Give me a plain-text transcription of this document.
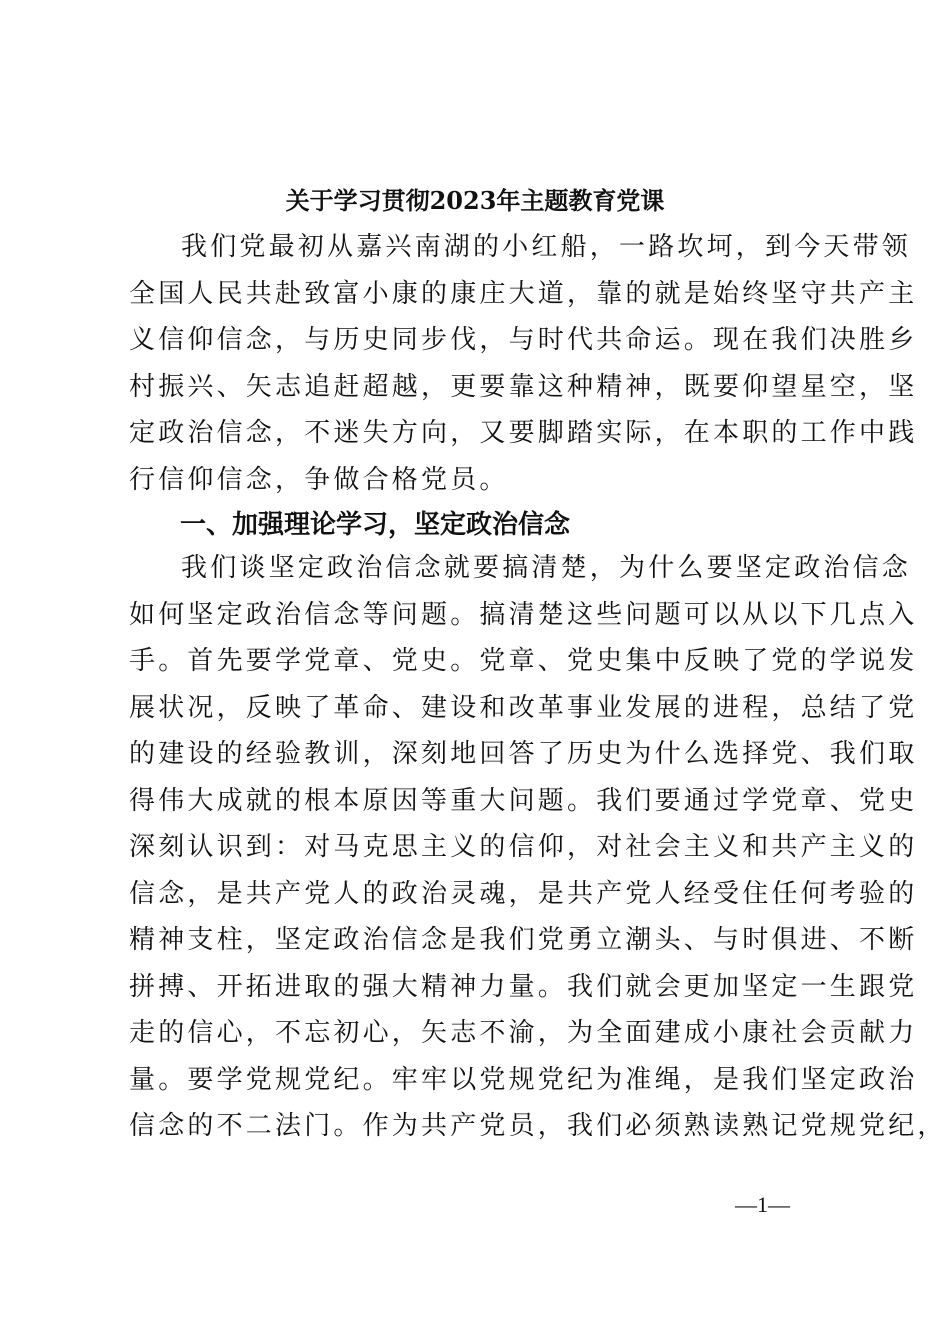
关于学习贯彻2023年主题教育党课
我们党最初从嘉兴南湖的小红船，一路坎坷，到今天带领
全国人民共赴致富小康的康庄大道，靠的就是始终坚守共产主
义信仰信念，与历史同步伐，与时代共命运。现在我们决胜乡
村振兴、矢志追赶超越，更要靠这种精神，既要仰望星空，坚
定政治信念，不迷失方向，又要脚踏实际，在本职的工作中践
行信仰信念，争做合格党员。
一、加强理论学习，坚定政治信念
我们谈坚定政治信念就要搞清楚，为什么要坚定政治信念
如何坚定政治信念等问题。搞清楚这些问题可以从以下几点入
手。首先要学党章、党史。党章、党史集中反映了党的学说发
展状况，反映了革命、建设和改革事业发展的进程，总结了党
的建设的经验教训，深刻地回答了历史为什么选择党、我们取
得伟大成就的根本原因等重大问题。我们要通过学党章、党史
深刻认识到：对马克思主义的信仰，对社会主义和共产主义的
信念，是共产党人的政治灵魂，是共产党人经受住任何考验的
精神支柱，坚定政治信念是我们党勇立潮头、与时俱进、不断
拼搏、开拓进取的强大精神力量。我们就会更加坚定一生跟党
走的信心，不忘初心，矢志不渝，为全面建成小康社会贡献力
量。要学党规党纪。牢牢以党规党纪为准绳，是我们坚定政治
信念的不二法门。作为共产党员，我们必须熟读熟记党规党纪，
—1—
